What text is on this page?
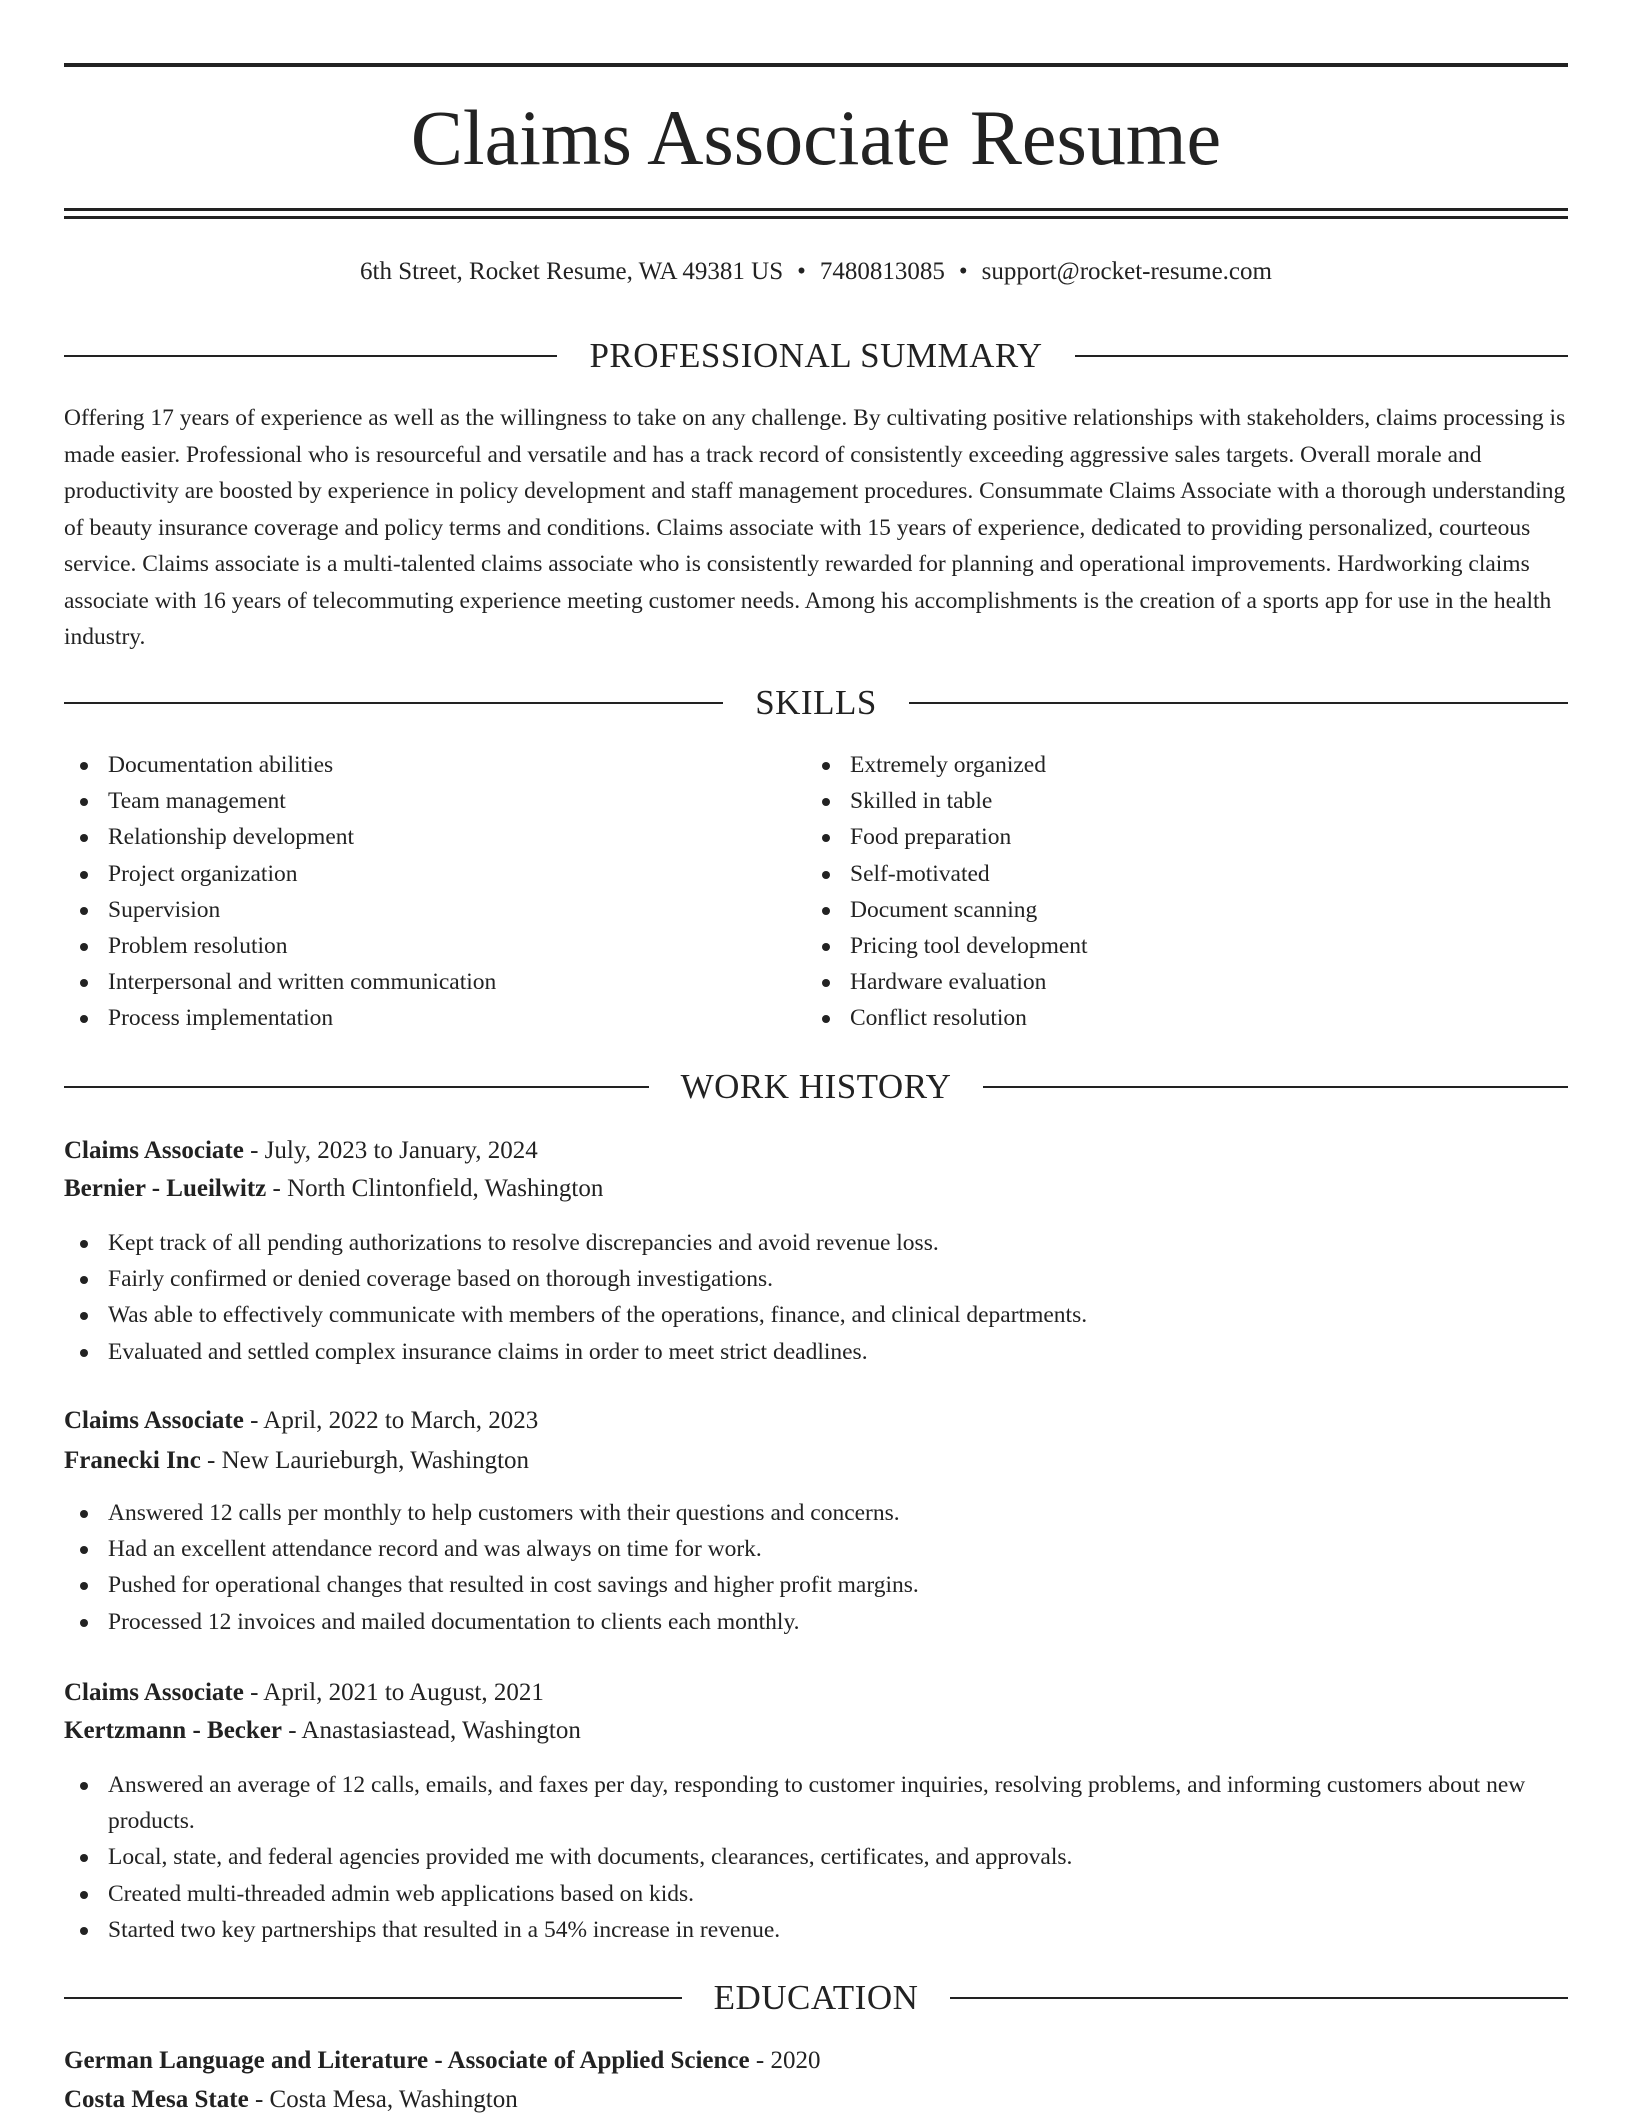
Claims Associate Resume
6th Street, Rocket Resume, WA 49381 US • 7480813085 • support@rocket-resume.com
PROFESSIONAL SUMMARY

Offering 17 years of experience as well as the willingness to take on any challenge. By cultivating positive relationships with stakeholders, claims processing is made easier. Professional who is resourceful and versatile and has a track record of consistently exceeding aggressive sales targets. Overall morale and productivity are boosted by experience in policy development and staff management procedures. Consummate Claims Associate with a thorough understanding of beauty insurance coverage and policy terms and conditions. Claims associate with 15 years of experience, dedicated to providing personalized, courteous service. Claims associate is a multi-talented claims associate who is consistently rewarded for planning and operational improvements. Hardworking claims associate with 16 years of telecommuting experience meeting customer needs. Among his accomplishments is the creation of a sports app for use in the health industry.

SKILLS
Documentation abilities
Team management
Relationship development
Project organization
Supervision
Problem resolution
Interpersonal and written communication
Process implementation
Extremely organized
Skilled in table
Food preparation
Self-motivated
Document scanning
Pricing tool development
Hardware evaluation
Conflict resolution
WORK HISTORY
Claims Associate - July, 2023 to January, 2024
Bernier - Lueilwitz - North Clintonfield, Washington
Kept track of all pending authorizations to resolve discrepancies and avoid revenue loss.
Fairly confirmed or denied coverage based on thorough investigations.
Was able to effectively communicate with members of the operations, finance, and clinical departments.
Evaluated and settled complex insurance claims in order to meet strict deadlines.
Claims Associate - April, 2022 to March, 2023
Franecki Inc - New Laurieburgh, Washington
Answered 12 calls per monthly to help customers with their questions and concerns.
Had an excellent attendance record and was always on time for work.
Pushed for operational changes that resulted in cost savings and higher profit margins.
Processed 12 invoices and mailed documentation to clients each monthly.
Claims Associate - April, 2021 to August, 2021
Kertzmann - Becker - Anastasiastead, Washington
Answered an average of 12 calls, emails, and faxes per day, responding to customer inquiries, resolving problems, and informing customers about new products.
Local, state, and federal agencies provided me with documents, clearances, certificates, and approvals.
Created multi-threaded admin web applications based on kids.
Started two key partnerships that resulted in a 54% increase in revenue.
EDUCATION
German Language and Literature - Associate of Applied Science - 2020
Costa Mesa State - Costa Mesa, Washington
